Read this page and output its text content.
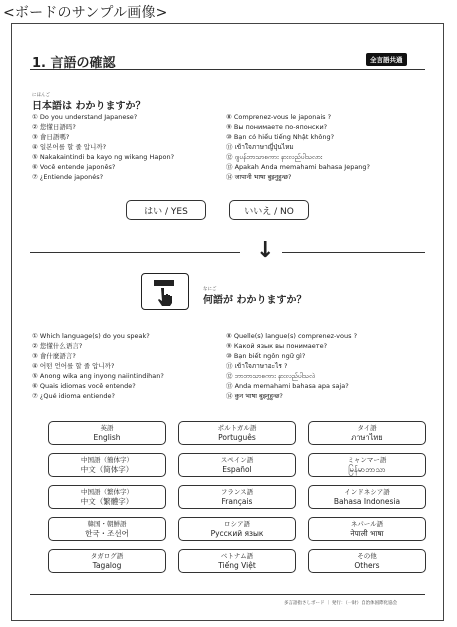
<ボードのサンプル画像>
1. 言語の確認	全言語共通
にほんご
日本語は わかりますか？
① Do you understand Japanese?
② 您懂日語吗?
③ 會日語嗎?
④ 일본어를 할 줄 압니까?
⑤ Nakakaintindi ba kayo ng wikang Hapon?
⑥ Você entende japonês?
⑦ ¿Entiende japonés?
⑧ Comprenez-vous le japonais ?
⑨ Вы понимаете по-японски?
⑩ Bạn có hiểu tiếng Nhật không?
⑪ เข้าใจภาษาญี่ปุ่นไหม
⑫ ဂျပန်ဘာသာစကား နားလည်ပါသလား
⑬ Apakah Anda memahami bahasa Jepang?
⑭ जापानी भाषा बुझ्नुहुन्छ?
はい / YES	いいえ / NO
↓
なにご
何語が わかりますか？
① Which language(s) do you speak?
② 您懂什么语言?
③ 會什麼語言?
④ 어떤 언어를 할 줄 압니까?
⑤ Anong wika ang inyong naiintindihan?
⑥ Quais idiomas você entende?
⑦ ¿Qué idioma entiende?
⑧ Quelle(s) langue(s) comprenez-vous ?
⑨ Какой язык вы понимаете?
⑩ Bạn biết ngôn ngữ gì?
⑪ เข้าใจภาษาอะไร ?
⑫ ဘာဘာသာစကား နားလည်ပါသလဲ
⑬ Anda memahami bahasa apa saja?
⑭ कुन भाषा बुझ्नुहुन्छ?
英語
English
ポルトガル語
Português
タイ語
ภาษาไทย
中国語（簡体字）
中文（简体字）
スペイン語
Español
ミャンマー語
မြန်မာဘာသာ
中国語（繁体字）
中文（繁體字）
フランス語
Français
インドネシア語
Bahasa Indonesia
韓国・朝鮮語
한국・조선어
ロシア語
Русский язык
ネパール語
नेपाली भाषा
タガログ語
Tagalog
ベトナム語
Tiếng Việt
その他
Others
多言語指さしボード ｜ 発行：（一財）自治体国際化協会
